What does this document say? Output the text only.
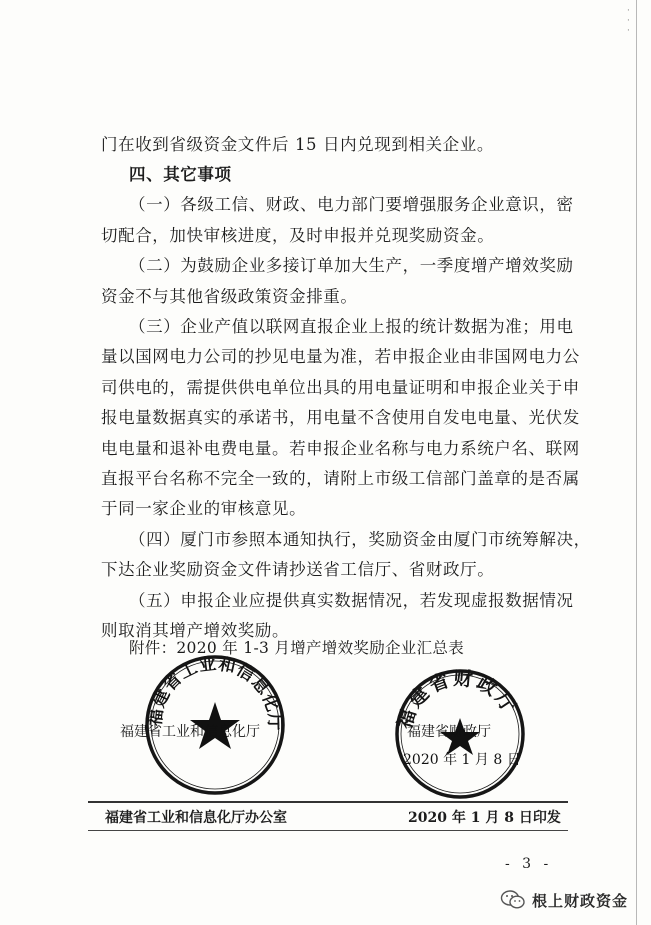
·
·
·
门在收到省级资金文件后 15 日内兑现到相关企业。
四、其它事项
（一）各级工信、财政、电力部门要增强服务企业意识，密
切配合，加快审核进度，及时申报并兑现奖励资金。
（二）为鼓励企业多接订单加大生产，一季度增产增效奖励
资金不与其他省级政策资金排重。
（三）企业产值以联网直报企业上报的统计数据为准；用电
量以国网电力公司的抄见电量为准，若申报企业由非国网电力公
司供电的，需提供供电单位出具的用电量证明和申报企业关于申
报电量数据真实的承诺书，用电量不含使用自发电电量、光伏发
电电量和退补电费电量。若申报企业名称与电力系统户名、联网
直报平台名称不完全一致的，请附上市级工信部门盖章的是否属
于同一家企业的审核意见。
（四）厦门市参照本通知执行，奖励资金由厦门市统筹解决，
下达企业奖励资金文件请抄送省工信厅、省财政厅。
（五）申报企业应提供真实数据情况，若发现虚报数据情况
则取消其增产增效奖励。
附件：2020 年 1-3 月增产增效奖励企业汇总表
福建省工业和信息化厅	福建省财政厅
福建省工业和信息化厅	福建省财政厅
2020 年 1 月 8 日
福建省工业和信息化厅办公室	2020 年 1 月 8 日印发
- 3 -
根上财政资金
